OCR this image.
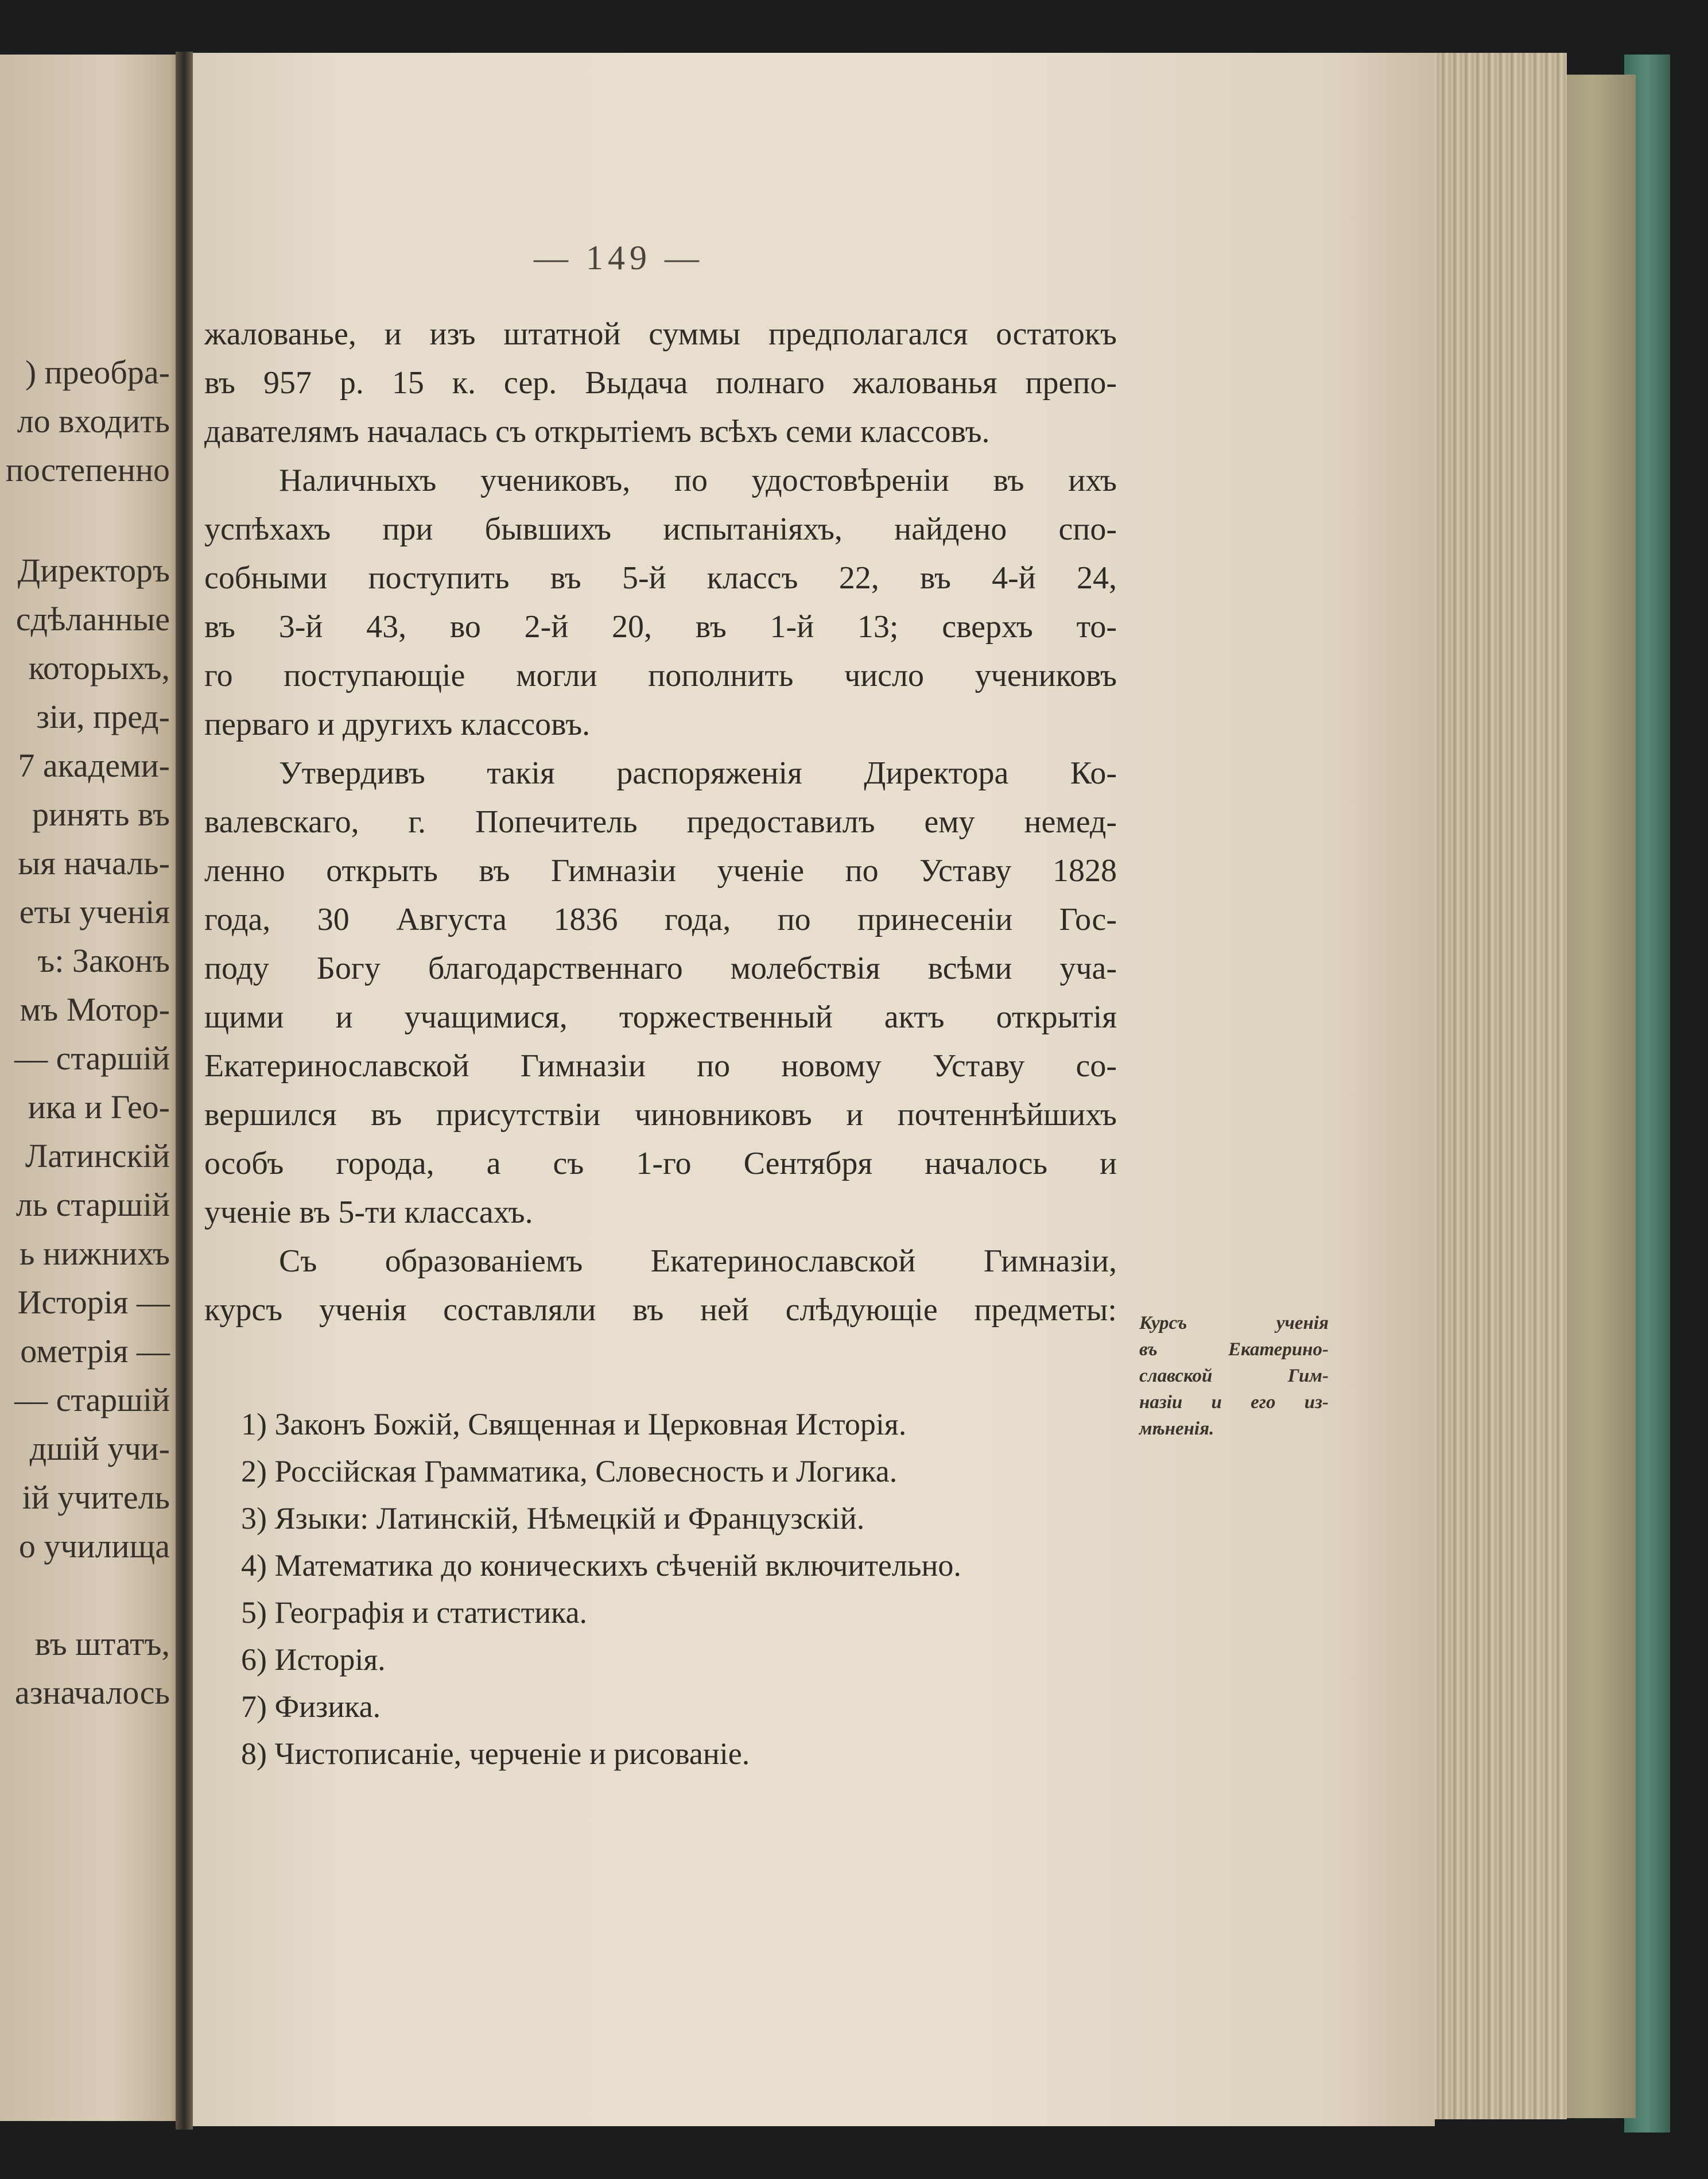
) преобра-
ло входить
постепенно
Директоръ
сдѣланные
которыхъ,
зіи, пред-
7 академи-
ринять въ
ыя началь-
еты ученія
ъ: Законъ
мъ Мотор-
— старшій
ика и Гео-
Латинскій
ль старшій
ь нижнихъ
Исторія —
ометрія —
— старшій
дшій учи-
ій учитель
о училища
въ штатъ,
азначалось
— 149 —
жалованье, и изъ штатной суммы предполагался остатокъ
въ 957 р. 15 к. сер. Выдача полнаго жалованья препо-
давателямъ началась съ открытіемъ всѣхъ семи классовъ.
Наличныхъ учениковъ, по удостовѣреніи въ ихъ
успѣхахъ при бывшихъ испытаніяхъ, найдено спо-
собными поступить въ 5-й классъ 22, въ 4-й 24,
въ 3-й 43, во 2-й 20, въ 1-й 13; сверхъ то-
го поступающіе могли пополнить число учениковъ
перваго и другихъ классовъ.
Утвердивъ такія распоряженія Директора Ко-
валевскаго, г. Попечитель предоставилъ ему немед-
ленно открыть въ Гимназіи ученіе по Уставу 1828
года, 30 Августа 1836 года, по принесеніи Гос-
поду Богу благодарственнаго молебствія всѣми уча-
щими и учащимися, торжественный актъ открытія
Екатеринославской Гимназіи по новому Уставу со-
вершился въ присутствіи чиновниковъ и почтеннѣйшихъ
особъ города, а съ 1-го Сентября началось и
ученіе въ 5-ти классахъ.
Съ образованіемъ Екатеринославской Гимназіи,
курсъ ученія составляли въ ней слѣдующіе предметы:
1) Законъ Божій, Священная и Церковная Исторія.
2) Россійская Грамматика, Словесность и Логика.
3) Языки: Латинскій, Нѣмецкій и Французскій.
4) Математика до коническихъ сѣченій включительно.
5) Географія и статистика.
6) Исторія.
7) Физика.
8) Чистописаніе, черченіе и рисованіе.
Курсъ ученія
въ Екатерино-
славской Гим-
назіи и его из-
мѣненія.
